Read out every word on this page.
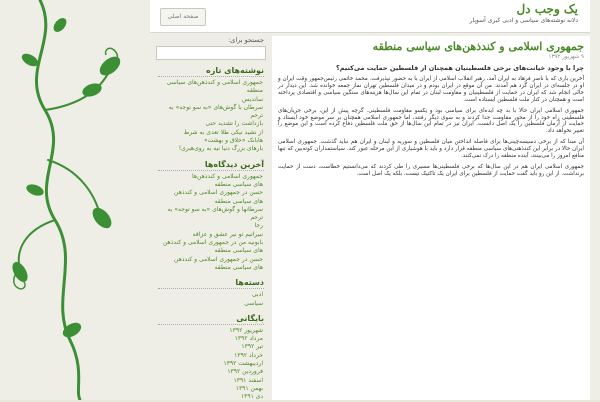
صفحه اصلی
یک وجب دل
دلانه نوشته‌های سیاسی و ادبی کبری آسوپار
جستجو برای:
نوشته‌های تازه
جمهوری اسلامی و کندذهن‌های سیاسی منطقه
ساندیس
سرطان با گوش‌های «به‌ سو توجه» به ترحم
بازداشت را تشدید حتی
از نشید نیکی طلا تعدی به شرط
ها‌بانک «خلاق و بهشت»
بار‌های بزرگ دنیا نیه به روی‌هبری!
آخرین دیدگاه‌ها
جمهوری اسلامی و کندذهن‌ها
های سیاسی منطقه
حسن در جمهوری اسلامی و کندذهن
های سیاسی منطقه
سرطانها و گوش‌های «به‌ سو توجه» به ترحم
رجا
نبیراتیم تو نیر عشق و عزاقه
بابونیه من در جمهوری اسلامی و کندذهن
های سیاسی منطقه
حسن در جمهوری اسلامی و کندذهن
های سیاسی منطقه
دسته‌ها
ادبی
سیاسی
بایگانی
شهریور ۱۳۹۲
مرداد ۱۳۹۲
تیر ۱۳۹۲
خرداد ۱۳۹۲
اردیبهشت ۱۳۹۲
فروردین ۱۳۹۲
اسفند ۱۳۹۱
بهمن ۱۳۹۱
دی ۱۳۹۱
جمهوری اسلامی و کندذهن‌های سیاسی منطقه
۹ شهریور ۱۳۹۲
چرا با وجود خیانت‌های برخی فلسطینیان همچنان از فلسطین حمایت می‌کنیم؟

آخرین باری که با ناصر فرهاد به ایران آمد، رهبر انقلاب اسلامی از ایران با به حضور نپذیرفت. محمد خاتمی رئیس‌جمهور وقت ایران و او در جلسه‌ای در ایران گرد هم آمدند. من آن موقع در ایران بودم و در میدان فلسطین تهران نماز جمعه خوانده شد. این دیدار در حالی انجام شد که ایران در حمایت از فلسطینیان و مقاومت لبنان در تمام این سال‌ها هزینه‌های سنگین سیاسی و اقتصادی پرداخته است و همچنان در کنار ملت فلسطین ایستاده است.

جمهوری اسلامی ایران حالا با بد چه ایده‌ای برای سیاسی بود و یکسو مقاومت فلسطینی. گرچه پیش از این، برخی جریان‌های فلسطینی راه خود را از محور مقاومت جدا کردند و به سوی دیگر رفتند، اما جمهوری اسلامی همچنان بر سر موضع خود ایستاد و حمایت از آرمان فلسطین را یک اصل دانست. ایران نیز در تمام این سال‌ها از حق ملت فلسطین دفاع کرده است و این موضع را تغییر نخواهد داد.

آن مبنا که از برخی دسیسه‌چینی‌ها برای فاصله انداختن میان فلسطین و سوریه و لبنان و ایران هم نباید گذشت. جمهوری اسلامی ایران حالا در برابر این کندذهنی‌های سیاسی منطقه قرار دارد و باید با هوشیاری از این مرحله عبور کند. سیاستمداران کوته‌بین که تنها منافع امروز را می‌بینند، آینده منطقه را درک نمی‌کنند.

جمهوری اسلامی ایران هم در این سال‌ها که برخی فلسطینی‌ها مسیری را طی کردند که می‌دانستیم خطاست، دست از حمایت برنداشت. از این رو باید گفت حمایت از فلسطین برای ایران یک تاکتیک نیست، بلکه یک اصل است.
